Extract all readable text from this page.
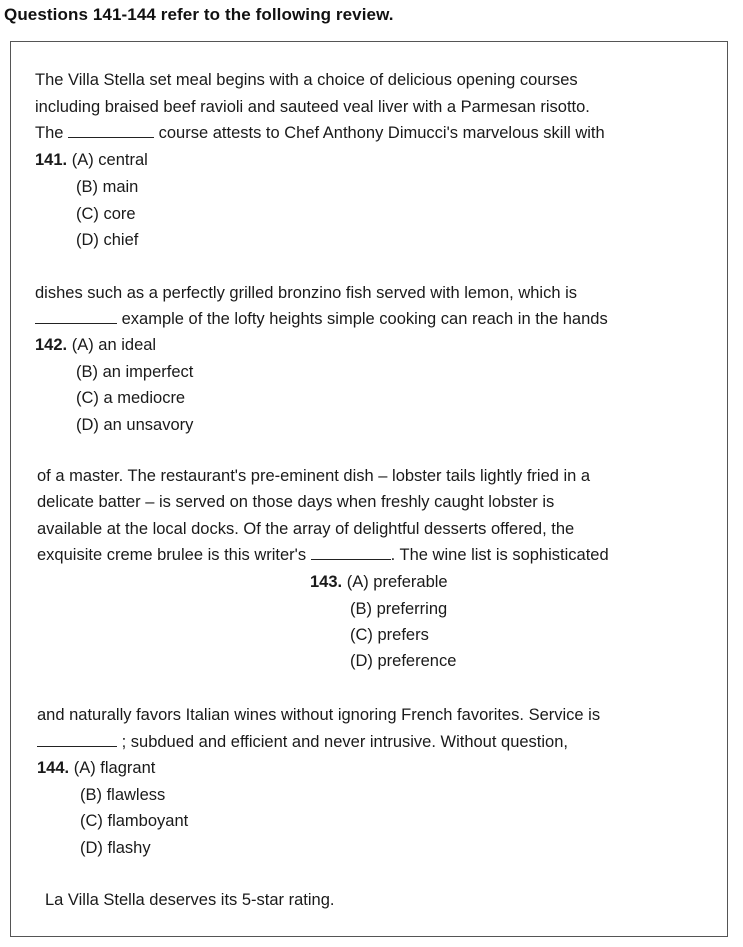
Questions 141-144 refer to the following review.
The Villa Stella set meal begins with a choice of delicious opening courses
including braised beef ravioli and sauteed veal liver with a Parmesan risotto.
The	course attests to Chef Anthony Dimucci's marvelous skill with
141. (A) central
(B) main
(C) core
(D) chief
dishes such as a perfectly grilled bronzino fish served with lemon, which is
example of the lofty heights simple cooking can reach in the hands
142. (A) an ideal
(B) an imperfect
(C) a mediocre
(D) an unsavory
of a master. The restaurant's pre-eminent dish – lobster tails lightly fried in a
delicate batter – is served on those days when freshly caught lobster is
available at the local docks. Of the array of delightful desserts offered, the
exquisite creme brulee is this writer's	. The wine list is sophisticated
143. (A) preferable
(B) preferring
(C) prefers
(D) preference
and naturally favors Italian wines without ignoring French favorites. Service is
; subdued and efficient and never intrusive. Without question,
144. (A) flagrant
(B) flawless
(C) flamboyant
(D) flashy
La Villa Stella deserves its 5-star rating.
